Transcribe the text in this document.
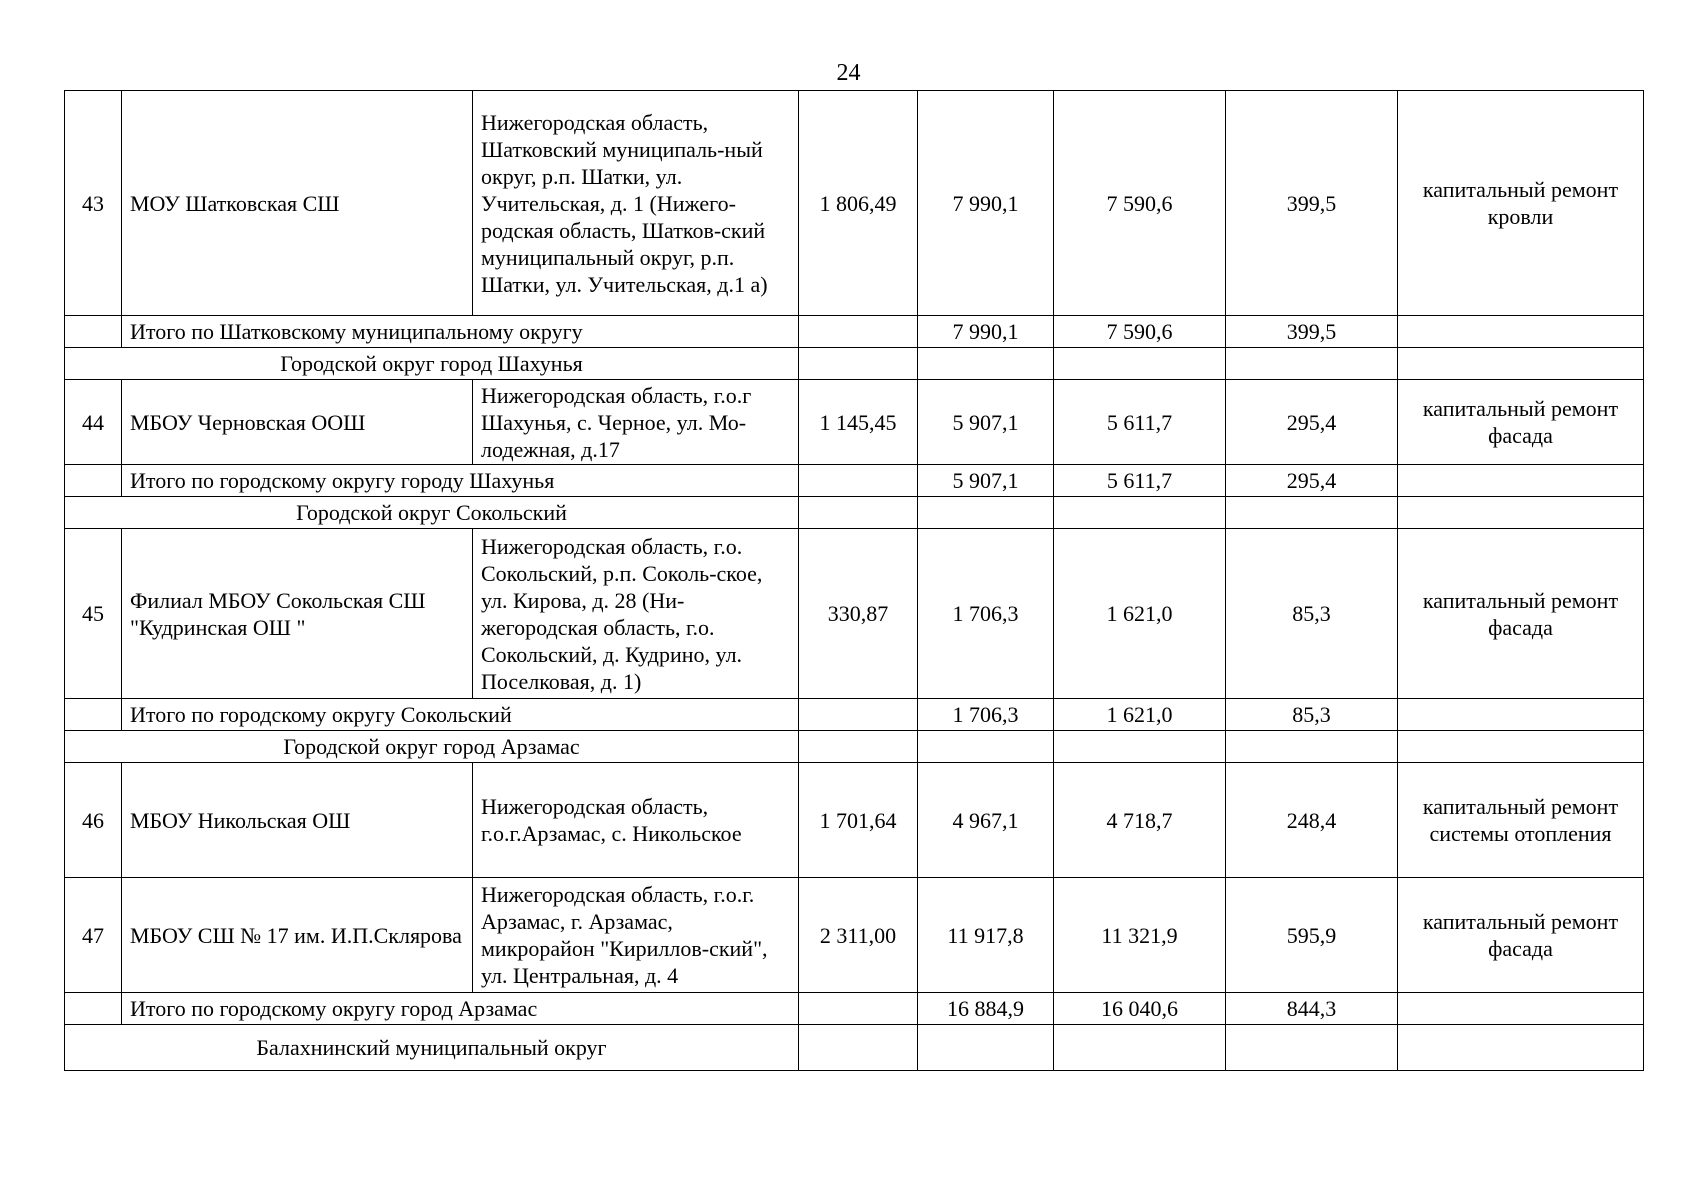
24
43	МОУ Шатковская СШ	Нижегородская область, Шатковский муниципаль-ный округ, р.п. Шатки, ул. Учительская, д. 1 (Нижего-родская область, Шатков-ский муниципальный округ, р.п. Шатки, ул. Учительская, д.1 а)	1 806,49	7 990,1	7 590,6	399,5	капитальный ремонт кровли
	Итого по Шатковскому муниципальному округу			7 990,1	7 590,6	399,5	
Городской округ город Шахунья							
44	МБОУ Черновская ООШ	Нижегородская область, г.о.г Шахунья, с. Черное, ул. Мо-лодежная, д.17	1 145,45	5 907,1	5 611,7	295,4	капитальный ремонт фасада
	Итого по городскому округу городу Шахунья			5 907,1	5 611,7	295,4	
Городской округ Сокольский							
45	Филиал МБОУ Сокольская СШ "Кудринская ОШ "	Нижегородская область, г.о. Сокольский, р.п. Соколь-ское, ул. Кирова, д. 28 (Ни-жегородская область, г.о. Сокольский, д. Кудрино, ул. Поселковая, д. 1)	330,87	1 706,3	1 621,0	85,3	капитальный ремонт фасада
	Итого по городскому округу Сокольский			1 706,3	1 621,0	85,3	
Городской округ город Арзамас							
46	МБОУ Никольская ОШ	Нижегородская область, г.о.г.Арзамас, с. Никольское	1 701,64	4 967,1	4 718,7	248,4	капитальный ремонт системы отопления
47	МБОУ СШ № 17 им. И.П.Склярова	Нижегородская область, г.о.г. Арзамас, г. Арзамас, микрорайон "Кириллов-ский", ул. Центральная, д. 4	2 311,00	11 917,8	11 321,9	595,9	капитальный ремонт фасада
	Итого по городскому округу город Арзамас			16 884,9	16 040,6	844,3	
Балахнинский муниципальный округ							
